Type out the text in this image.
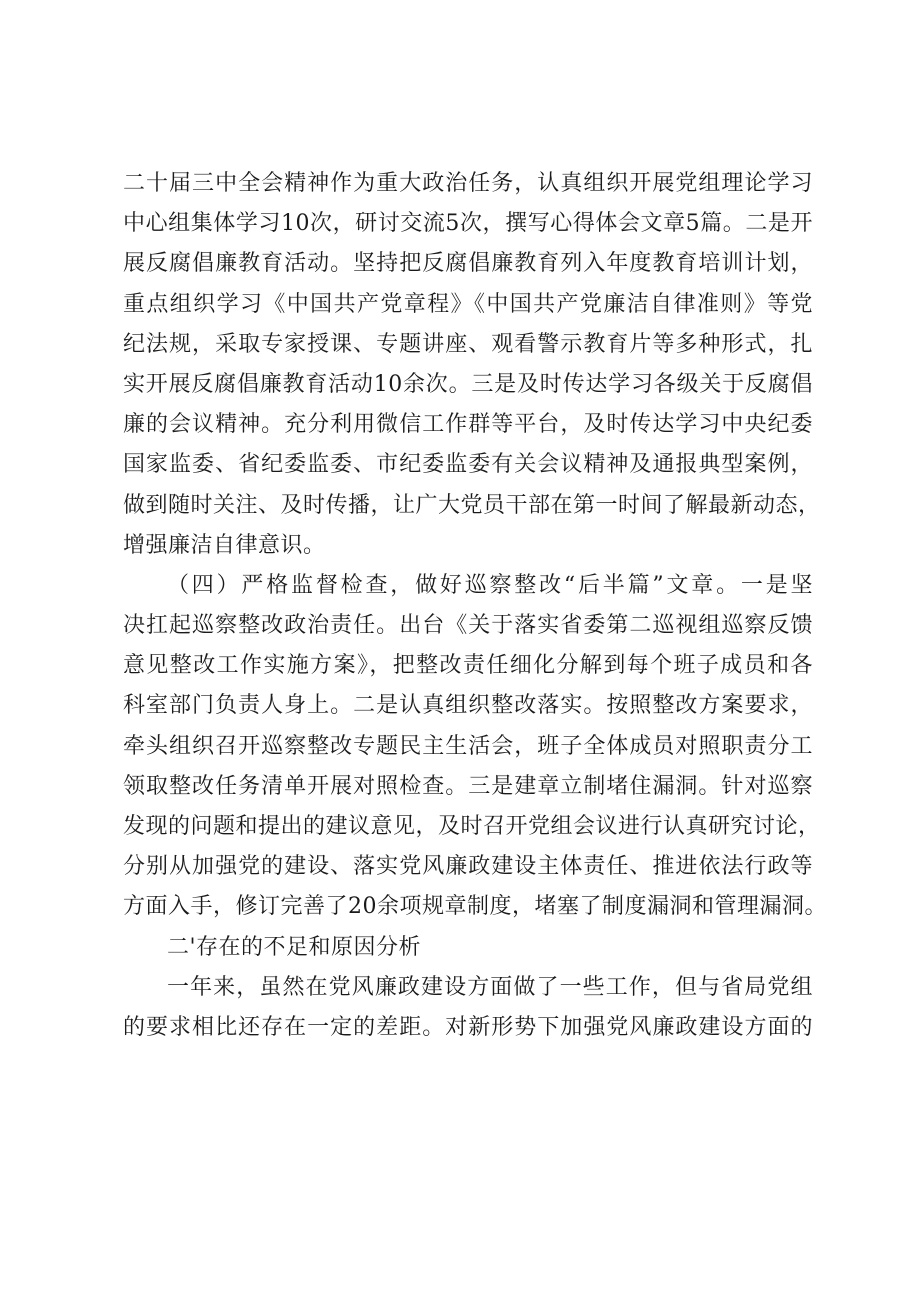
二十届三中全会精神作为重大政治任务，认真组织开展党组理论学习
中心组集体学习10次，研讨交流5次，撰写心得体会文章5篇。二是开
展反腐倡廉教育活动。坚持把反腐倡廉教育列入年度教育培训计划，
重点组织学习《中国共产党章程》《中国共产党廉洁自律准则》等党
纪法规，采取专家授课、专题讲座、观看警示教育片等多种形式，扎
实开展反腐倡廉教育活动10余次。三是及时传达学习各级关于反腐倡
廉的会议精神。充分利用微信工作群等平台，及时传达学习中央纪委
国家监委、省纪委监委、市纪委监委有关会议精神及通报典型案例，
做到随时关注、及时传播，让广大党员干部在第一时间了解最新动态，
增强廉洁自律意识。
（四）严格监督检查，做好巡察整改“后半篇”文章。一是坚
决扛起巡察整改政治责任。出台《关于落实省委第二巡视组巡察反馈
意见整改工作实施方案》，把整改责任细化分解到每个班子成员和各
科室部门负责人身上。二是认真组织整改落实。按照整改方案要求，
牵头组织召开巡察整改专题民主生活会，班子全体成员对照职责分工
领取整改任务清单开展对照检查。三是建章立制堵住漏洞。针对巡察
发现的问题和提出的建议意见，及时召开党组会议进行认真研究讨论，
分别从加强党的建设、落实党风廉政建设主体责任、推进依法行政等
方面入手，修订完善了20余项规章制度，堵塞了制度漏洞和管理漏洞。
二'存在的不足和原因分析
一年来，虽然在党风廉政建设方面做了一些工作，但与省局党组
的要求相比还存在一定的差距。对新形势下加强党风廉政建设方面的
